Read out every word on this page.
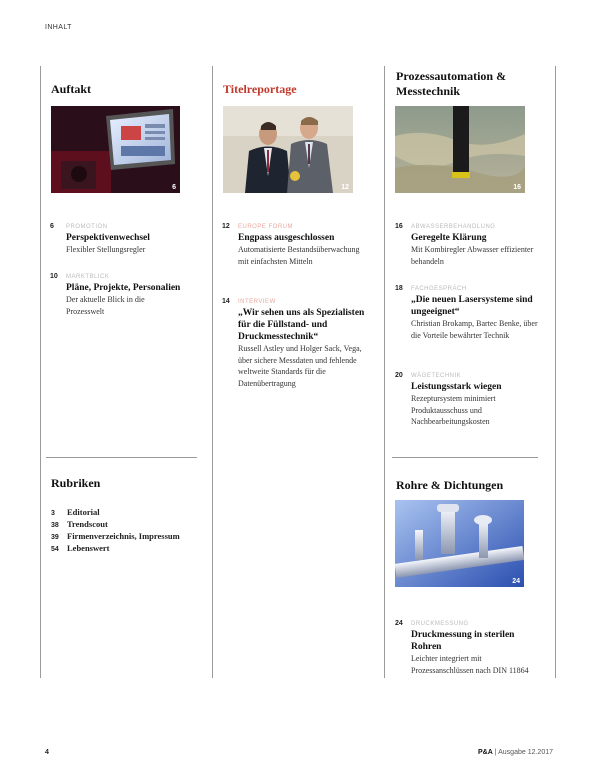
INHALT
Auftakt
6
6 PROMOTION
Perspektivenwechsel
Flexibler Stellungsregler
10 MARKTBLICK
Pläne, Projekte, Personalien
Der aktuelle Blick in die Prozesswelt
Titelreportage
12
12 EUROPE FORUM
Engpass ausgeschlossen
Automatisierte Bestandsüberwachung mit einfachsten Mitteln
14 INTERVIEW
„Wir sehen uns als Spezialisten für die Füllstand- und Druckmesstechnik“
Russell Astley und Holger Sack, Vega, über sichere Messdaten und fehlende weltweite Standards für die Datenübertragung
Prozessautomation & Messtechnik
16
16 ABWASSERBEHANDLUNG
Geregelte Klärung
Mit Kombiregler Abwasser effizienter behandeln
18 FACHGESPRÄCH
„Die neuen Lasersysteme sind ungeeignet“
Christian Brokamp, Bartec Benke, über die Vorteile bewährter Technik
20 WÄGETECHNIK
Leistungsstark wiegen
Rezeptursystem minimiert Produktausschuss und Nachbearbeitungskosten
Rubriken
3 Editorial
38 Trendscout
39 Firmenverzeichnis, Impressum
54 Lebenswert
Rohre & Dichtungen
24
24 DRUCKMESSUNG
Druckmessung in sterilen Rohren
Leichter integriert mit Prozessanschlüssen nach DIN 11864
4	P&A | Ausgabe 12.2017
